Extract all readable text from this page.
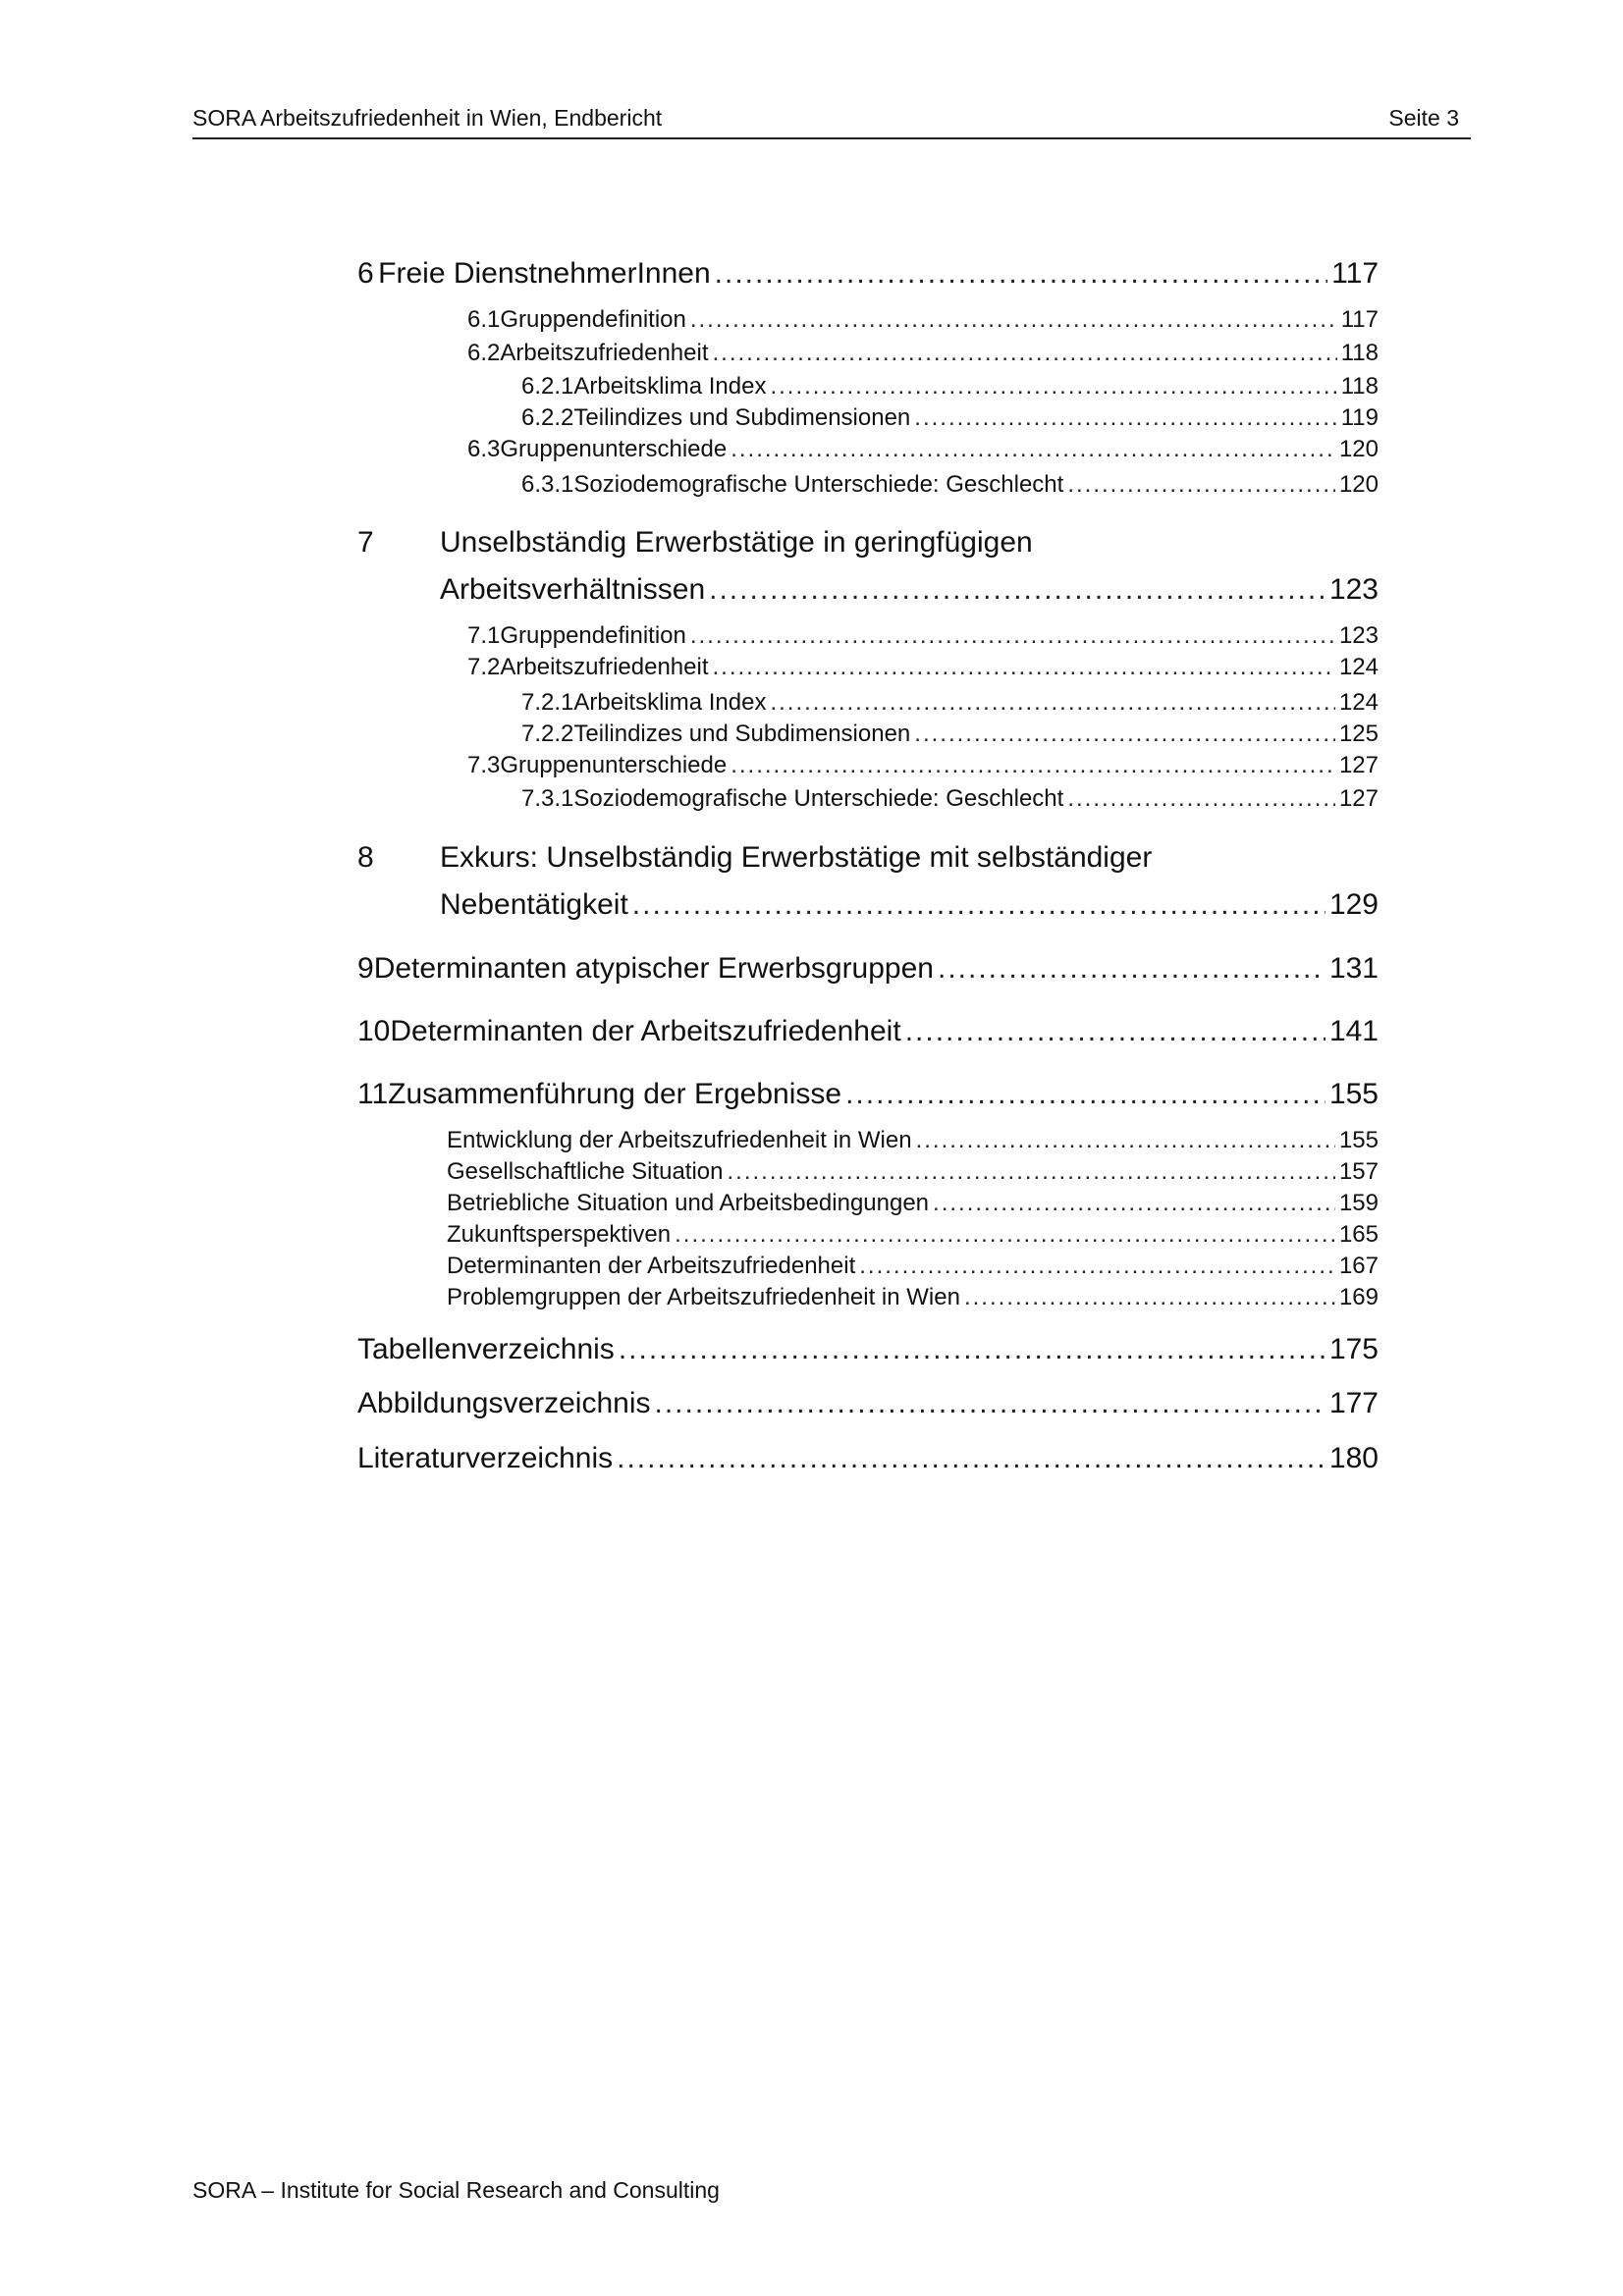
SORA Arbeitszufriedenheit in Wien, Endbericht	Seite 3
6 Freie DienstnehmerInnen .....	117
6.1 Gruppendefinition .....	117
6.2 Arbeitszufriedenheit .....	118
6.2.1 Arbeitsklima Index .....	118
6.2.2 Teilindizes und Subdimensionen .....	119
6.3 Gruppenunterschiede .....	120
6.3.1 Soziodemografische Unterschiede: Geschlecht .....	120
7 Unselbständig Erwerbstätige in geringfügigen
Arbeitsverhältnissen .....	123
7.1 Gruppendefinition .....	123
7.2 Arbeitszufriedenheit .....	124
7.2.1 Arbeitsklima Index .....	124
7.2.2 Teilindizes und Subdimensionen .....	125
7.3 Gruppenunterschiede .....	127
7.3.1 Soziodemografische Unterschiede: Geschlecht .....	127
8 Exkurs: Unselbständig Erwerbstätige mit selbständiger
Nebentätigkeit .....	129
9 Determinanten atypischer Erwerbsgruppen .....	131
10 Determinanten der Arbeitszufriedenheit .....	141
11 Zusammenführung der Ergebnisse .....	155
Entwicklung der Arbeitszufriedenheit in Wien .....	155
Gesellschaftliche Situation .....	157
Betriebliche Situation und Arbeitsbedingungen .....	159
Zukunftsperspektiven .....	165
Determinanten der Arbeitszufriedenheit .....	167
Problemgruppen der Arbeitszufriedenheit in Wien .....	169
Tabellenverzeichnis .....	175
Abbildungsverzeichnis .....	177
Literaturverzeichnis .....	180
SORA – Institute for Social Research and Consulting
